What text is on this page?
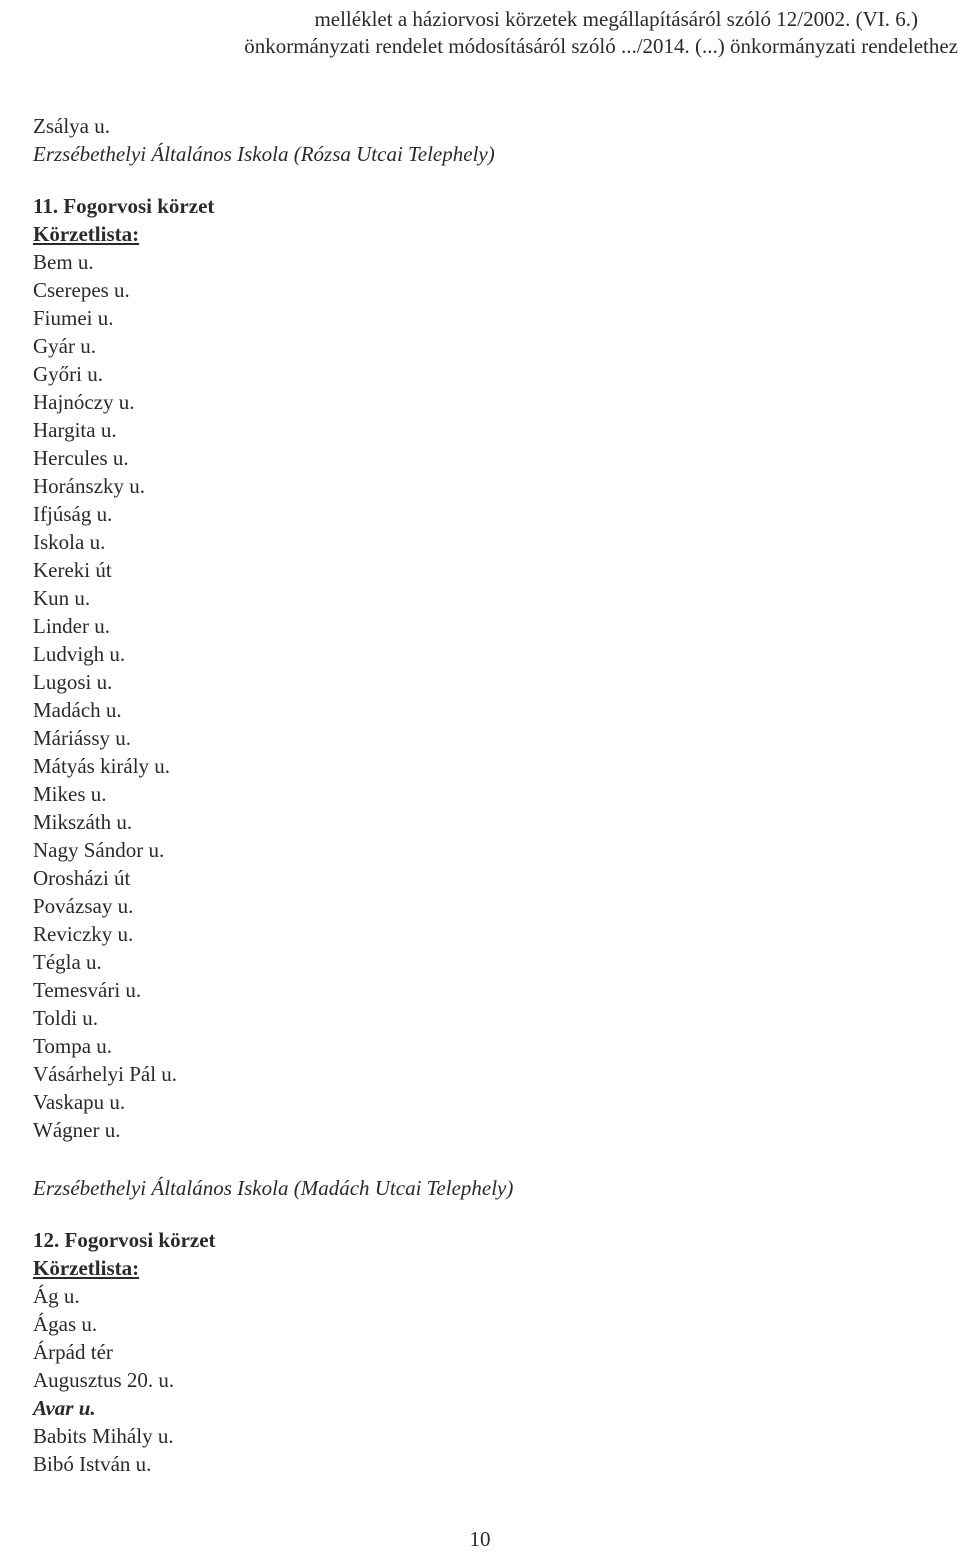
melléklet a háziorvosi körzetek megállapításáról szóló 12/2002. (VI. 6.)
önkormányzati rendelet módosításáról szóló .../2014. (...) önkormányzati rendelethez
Zsálya u.
Erzsébethelyi Általános Iskola (Rózsa Utcai Telephely)
11. Fogorvosi körzet
Körzetlista:
Bem u.
Cserepes u.
Fiumei u.
Gyár u.
Győri u.
Hajnóczy u.
Hargita u.
Hercules u.
Horánszky u.
Ifjúság u.
Iskola u.
Kereki út
Kun u.
Linder u.
Ludvigh u.
Lugosi u.
Madách u.
Máriássy u.
Mátyás király u.
Mikes u.
Mikszáth u.
Nagy Sándor u.
Orosházi út
Povázsay u.
Reviczky u.
Tégla u.
Temesvári u.
Toldi u.
Tompa u.
Vásárhelyi Pál u.
Vaskapu u.
Wágner u.
Erzsébethelyi Általános Iskola (Madách Utcai Telephely)
12. Fogorvosi körzet
Körzetlista:
Ág u.
Ágas u.
Árpád tér
Augusztus 20. u.
Avar u.
Babits Mihály u.
Bibó István u.
10
